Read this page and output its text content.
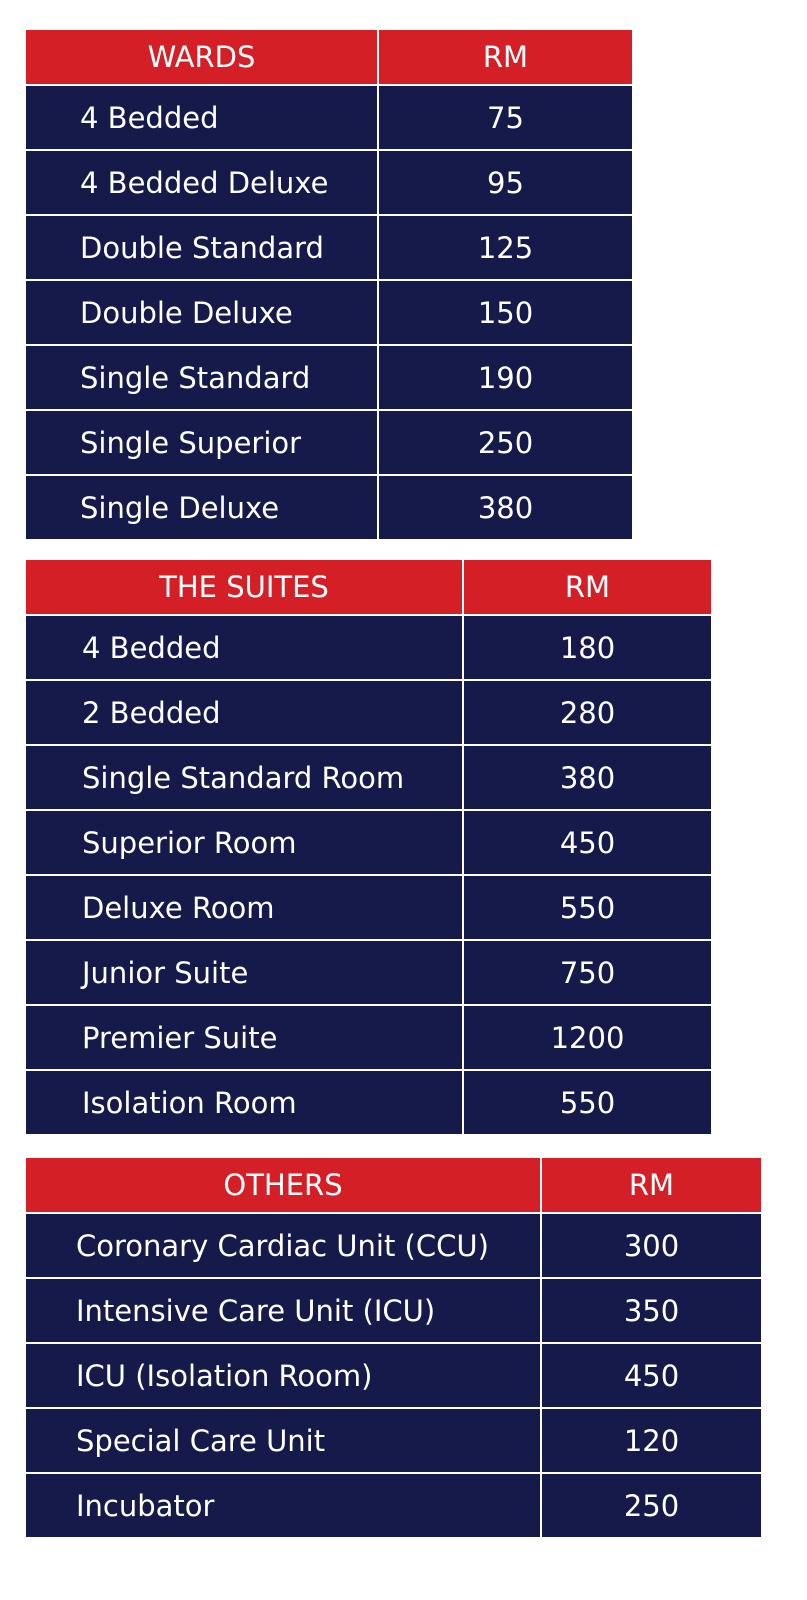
WARDS	RM
4 Bedded	75
4 Bedded Deluxe	95
Double Standard	125
Double Deluxe	150
Single Standard	190
Single Superior	250
Single Deluxe	380
THE SUITES	RM
4 Bedded	180
2 Bedded	280
Single Standard Room	380
Superior Room	450
Deluxe Room	550
Junior Suite	750
Premier Suite	1200
Isolation Room	550
OTHERS	RM
Coronary Cardiac Unit (CCU)	300
Intensive Care Unit (ICU)	350
ICU (Isolation Room)	450
Special Care Unit	120
Incubator	250
